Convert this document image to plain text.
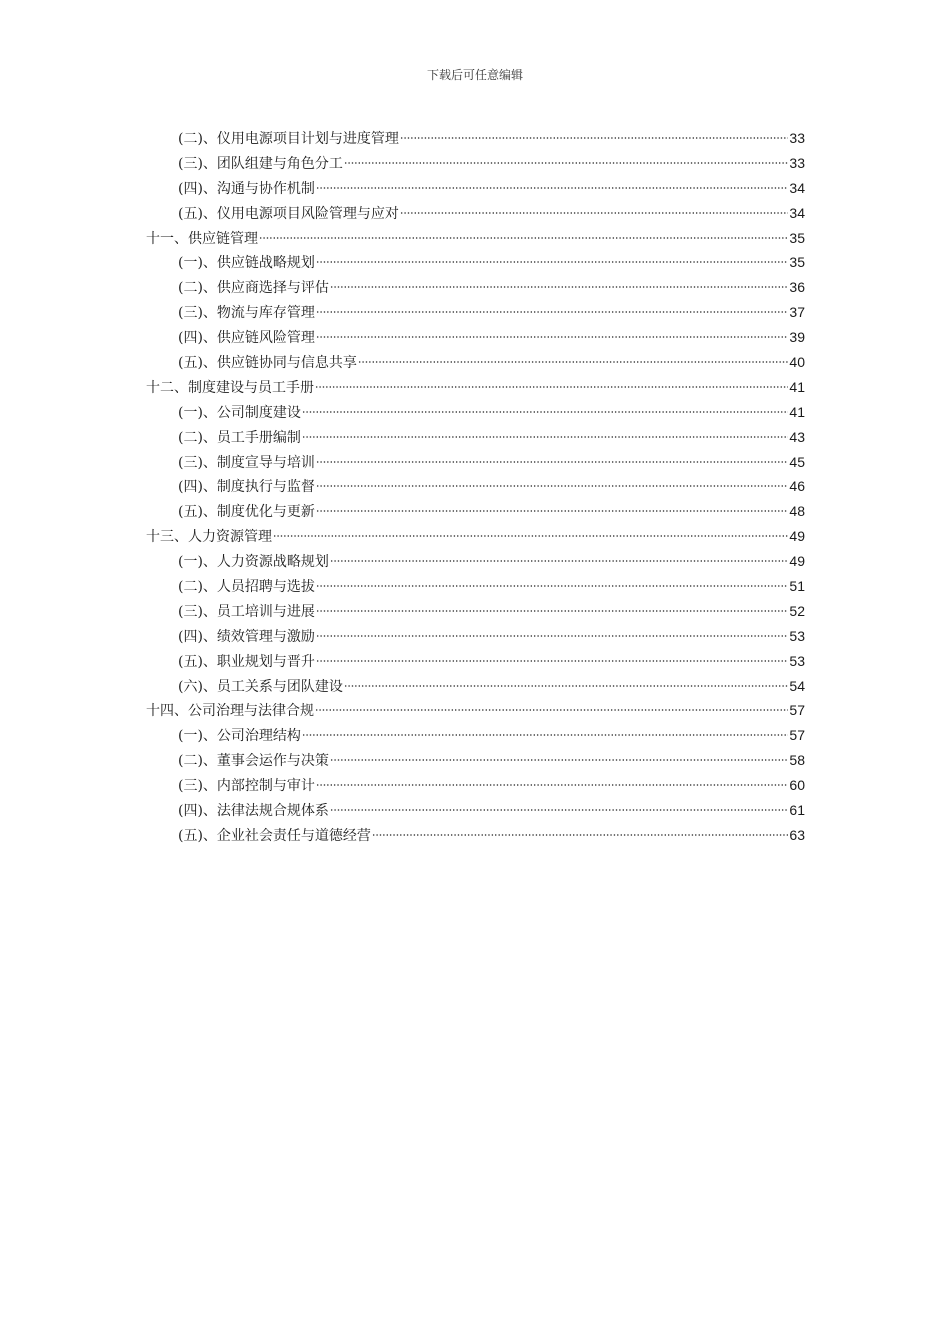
下载后可任意编辑
(二)、仪用电源项目计划与进度管理	33
(三)、团队组建与角色分工	33
(四)、沟通与协作机制	34
(五)、仪用电源项目风险管理与应对	34
十一、供应链管理	35
(一)、供应链战略规划	35
(二)、供应商选择与评估	36
(三)、物流与库存管理	37
(四)、供应链风险管理	39
(五)、供应链协同与信息共享	40
十二、制度建设与员工手册	41
(一)、公司制度建设	41
(二)、员工手册编制	43
(三)、制度宣导与培训	45
(四)、制度执行与监督	46
(五)、制度优化与更新	48
十三、人力资源管理	49
(一)、人力资源战略规划	49
(二)、人员招聘与选拔	51
(三)、员工培训与进展	52
(四)、绩效管理与激励	53
(五)、职业规划与晋升	53
(六)、员工关系与团队建设	54
十四、公司治理与法律合规	57
(一)、公司治理结构	57
(二)、董事会运作与决策	58
(三)、内部控制与审计	60
(四)、法律法规合规体系	61
(五)、企业社会责任与道德经营	63
